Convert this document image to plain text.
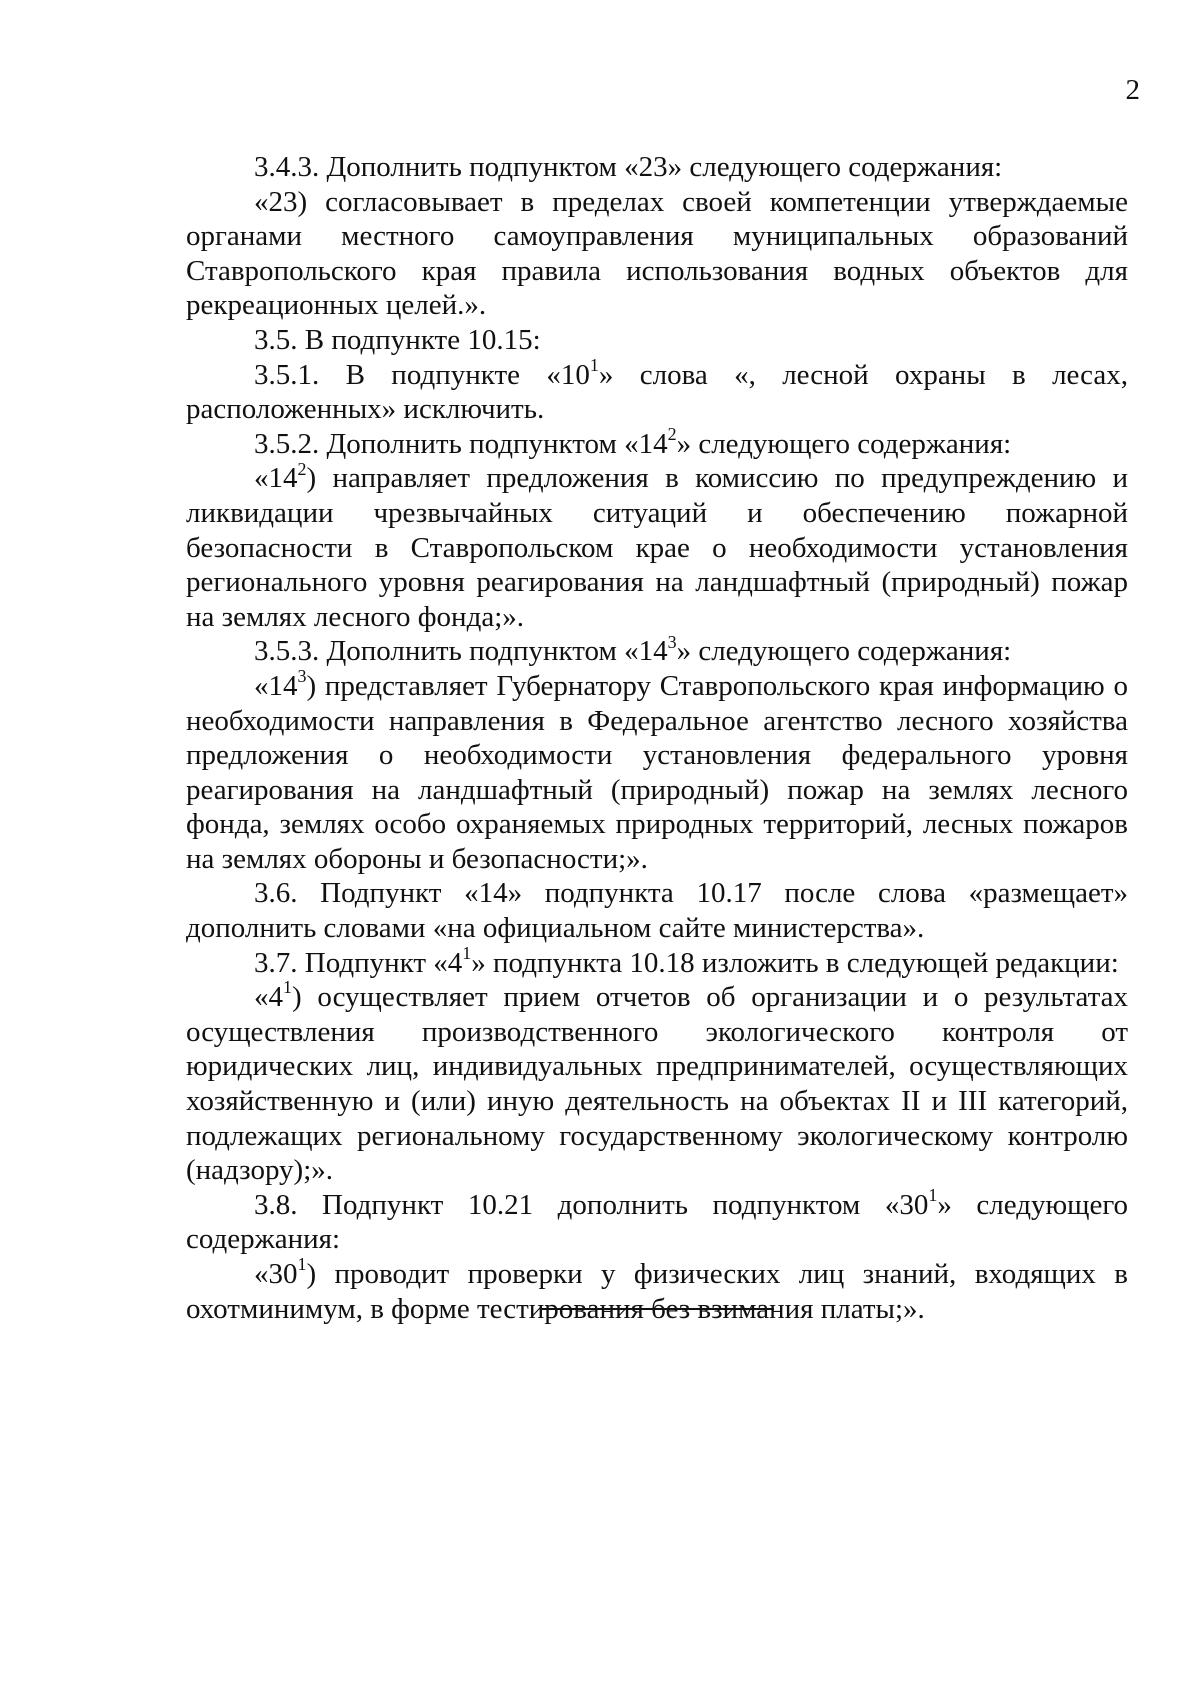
2

3.4.3. Дополнить подпунктом «23» следующего содержания:

«23) согласовывает в пределах своей компетенции утверждаемые органами местного самоуправления муниципальных образований Ставропольского края правила использования водных объектов для рекреационных целей.».

3.5. В подпункте 10.15:

3.5.1. В подпункте «$10^1$» слова «, лесной охраны в лесах, расположенных» исключить.

3.5.2. Дополнить подпунктом «$14^2$» следующего содержания:

«$14^2$) направляет предложения в комиссию по предупреждению и ликвидации чрезвычайных ситуаций и обеспечению пожарной безопасности в Ставропольском крае о необходимости установления регионального уровня реагирования на ландшафтный (природный) пожар на землях лесного фонда;».

3.5.3. Дополнить подпунктом «$14^3$» следующего содержания:

«$14^3$) представляет Губернатору Ставропольского края информацию о необходимости направления в Федеральное агентство лесного хозяйства предложения о необходимости установления федерального уровня реагирования на ландшафтный (природный) пожар на землях лесного фонда, землях особо охраняемых природных территорий, лесных пожаров на землях обороны и безопасности;».

3.6. Подпункт «14» подпункта 10.17 после слова «размещает» дополнить словами «на официальном сайте министерства».

3.7. Подпункт «$4^1$» подпункта 10.18 изложить в следующей редакции:

«$4^1$) осуществляет прием отчетов об организации и о результатах осуществления производственного экологического контроля от юридических лиц, индивидуальных предпринимателей, осуществляющих хозяйственную и (или) иную деятельность на объектах II и III категорий, подлежащих региональному государственному экологическому контролю (надзору);».

3.8. Подпункт 10.21 дополнить подпунктом «$30^1$» следующего содержания:

«$30^1$) проводит проверки у физических лиц знаний, входящих в охотминимум, в форме тестирования без взимания платы;».
